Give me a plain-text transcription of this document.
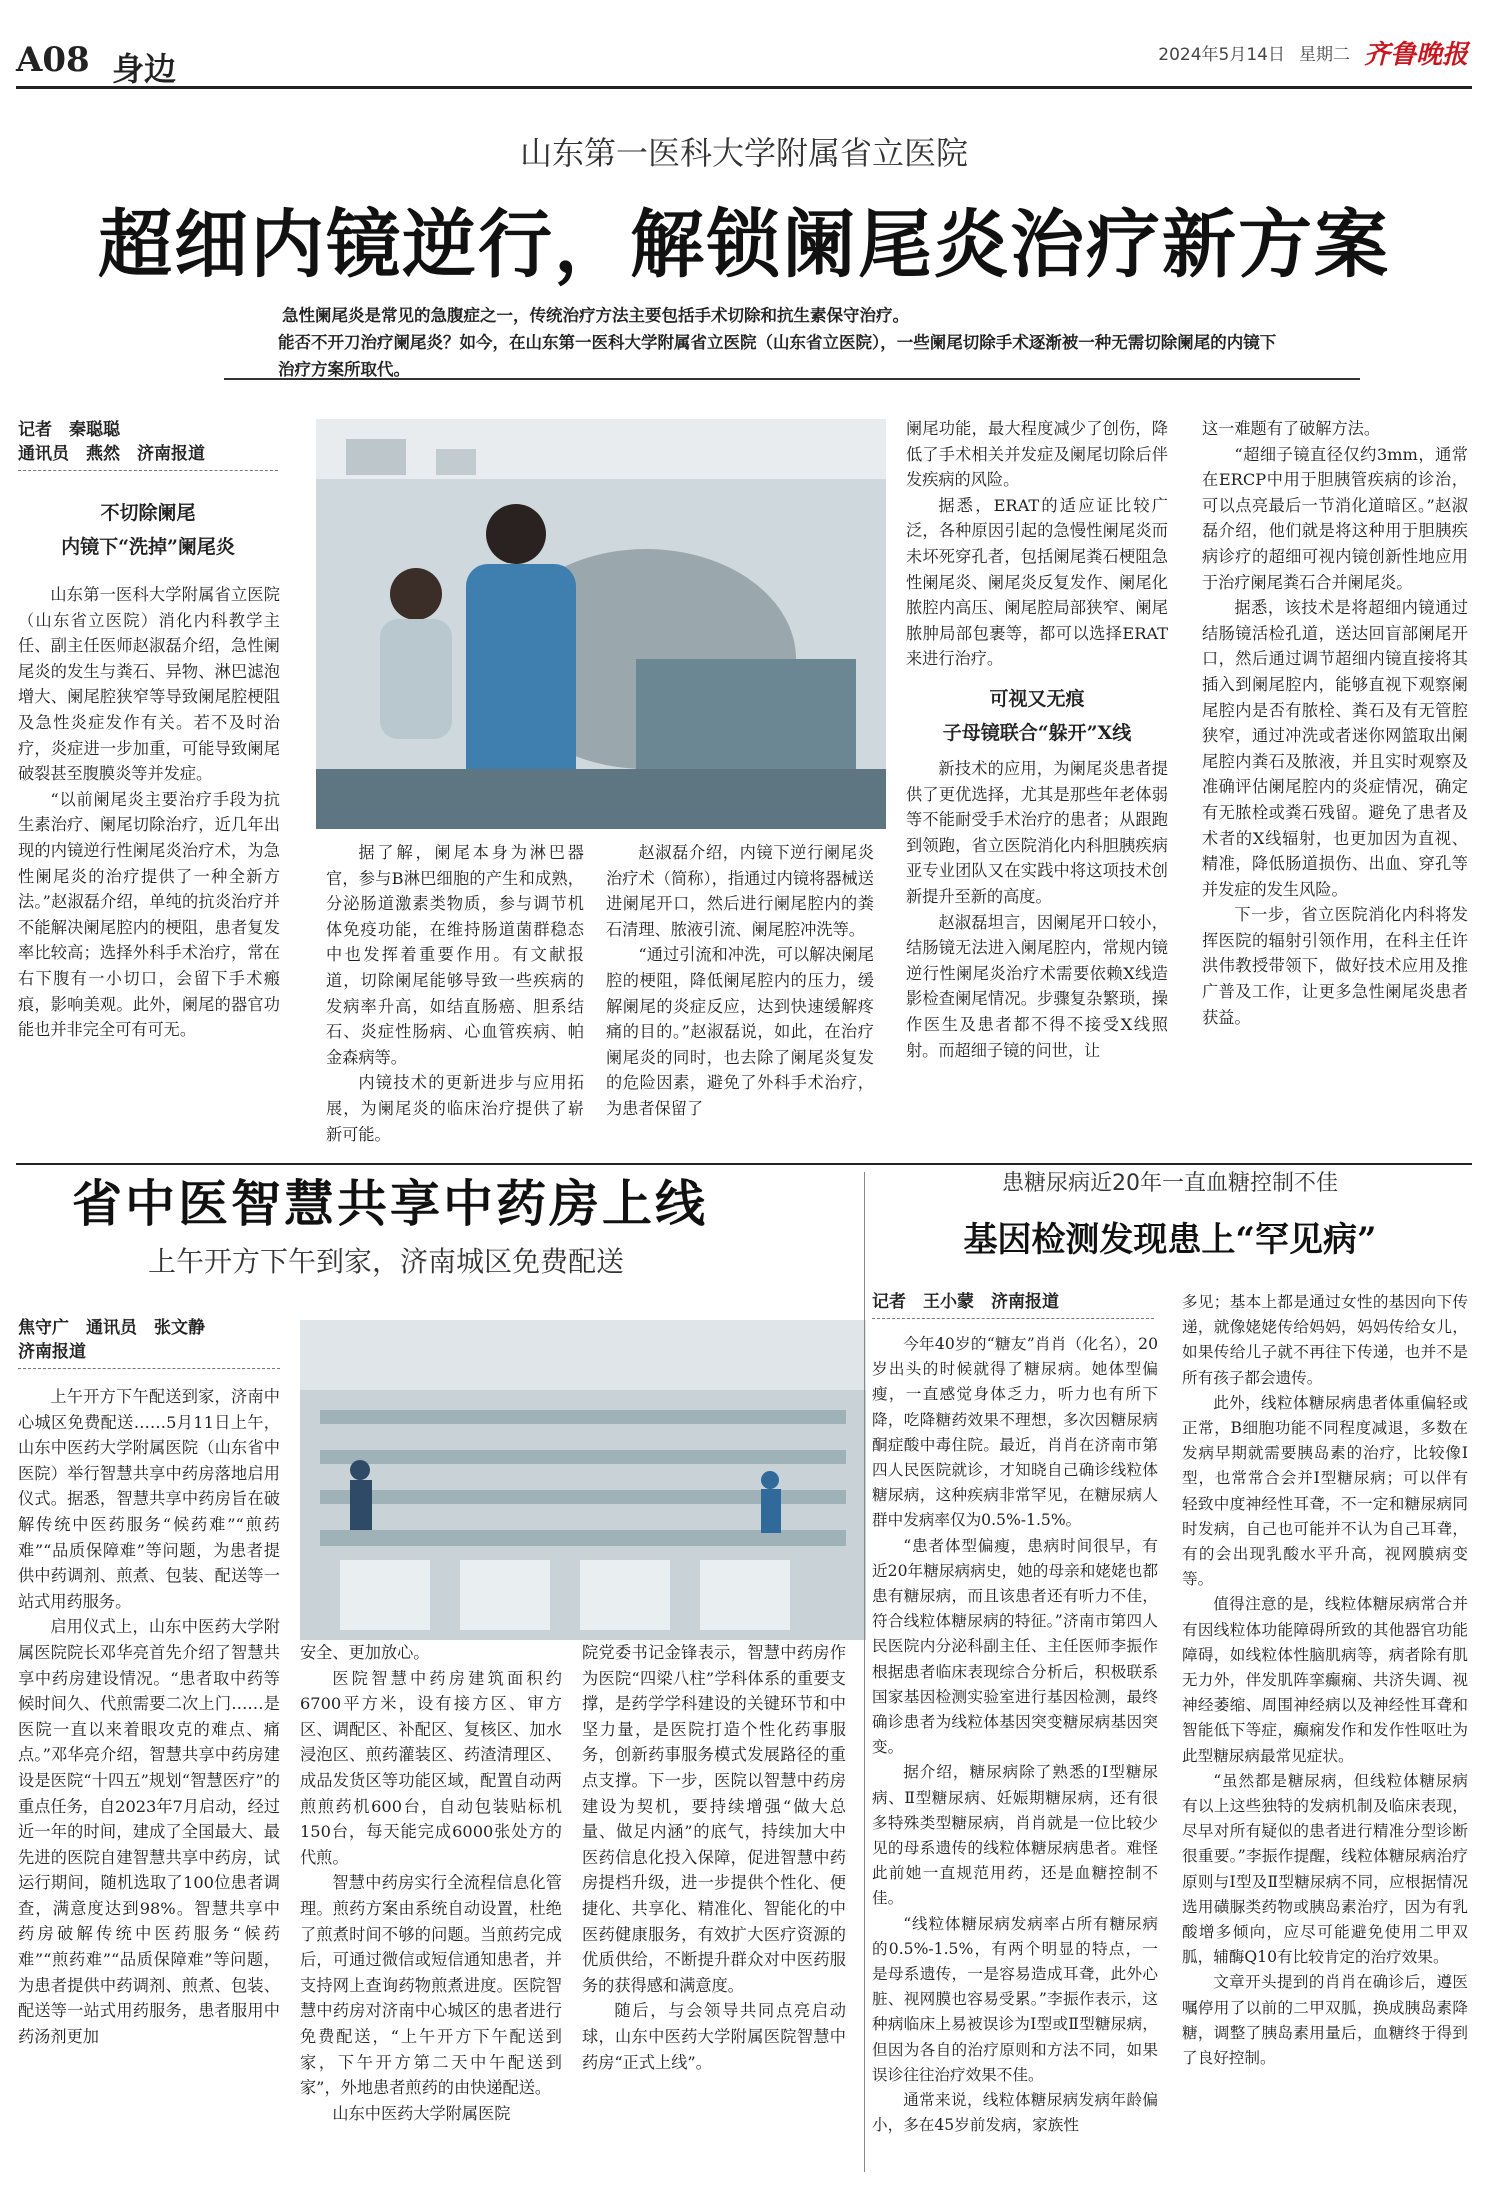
A08 身边	2024年5月14日 星期二 齐鲁晚报
山东第一医科大学附属省立医院
超细内镜逆行，解锁阑尾炎治疗新方案
急性阑尾炎是常见的急腹症之一，传统治疗方法主要包括手术切除和抗生素保守治疗。
能否不开刀治疗阑尾炎？如今，在山东第一医科大学附属省立医院（山东省立医院），一些阑尾切除手术逐渐被一种无需切除阑尾的内镜下治疗方案所取代。
记者　秦聪聪
通讯员　燕然　济南报道
不切除阑尾
内镜下“洗掉”阑尾炎

山东第一医科大学附属省立医院（山东省立医院）消化内科教学主任、副主任医师赵淑磊介绍，急性阑尾炎的发生与粪石、异物、淋巴滤泡增大、阑尾腔狭窄等导致阑尾腔梗阻及急性炎症发作有关。若不及时治疗，炎症进一步加重，可能导致阑尾破裂甚至腹膜炎等并发症。

“以前阑尾炎主要治疗手段为抗生素治疗、阑尾切除治疗，近几年出现的内镜逆行性阑尾炎治疗术，为急性阑尾炎的治疗提供了一种全新方法。”赵淑磊介绍，单纯的抗炎治疗并不能解决阑尾腔内的梗阻，患者复发率比较高；选择外科手术治疗，常在右下腹有一小切口，会留下手术瘢痕，影响美观。此外，阑尾的器官功能也并非完全可有可无。

据了解，阑尾本身为淋巴器官，参与B淋巴细胞的产生和成熟，分泌肠道激素类物质，参与调节机体免疫功能，在维持肠道菌群稳态中也发挥着重要作用。有文献报道，切除阑尾能够导致一些疾病的发病率升高，如结直肠癌、胆系结石、炎症性肠病、心血管疾病、帕金森病等。

内镜技术的更新进步与应用拓展，为阑尾炎的临床治疗提供了崭新可能。

赵淑磊介绍，内镜下逆行阑尾炎治疗术（简称），指通过内镜将器械送进阑尾开口，然后进行阑尾腔内的粪石清理、脓液引流、阑尾腔冲洗等。

“通过引流和冲洗，可以解决阑尾腔的梗阻，降低阑尾腔内的压力，缓解阑尾的炎症反应，达到快速缓解疼痛的目的。”赵淑磊说，如此，在治疗阑尾炎的同时，也去除了阑尾炎复发的危险因素，避免了外科手术治疗，为患者保留了

阑尾功能，最大程度减少了创伤，降低了手术相关并发症及阑尾切除后伴发疾病的风险。

据悉，ERAT的适应证比较广泛，各种原因引起的急慢性阑尾炎而未坏死穿孔者，包括阑尾粪石梗阻急性阑尾炎、阑尾炎反复发作、阑尾化脓腔内高压、阑尾腔局部狭窄、阑尾脓肿局部包裹等，都可以选择ERAT来进行治疗。

可视又无痕
子母镜联合“躲开”X线

新技术的应用，为阑尾炎患者提供了更优选择，尤其是那些年老体弱等不能耐受手术治疗的患者；从跟跑到领跑，省立医院消化内科胆胰疾病亚专业团队又在实践中将这项技术创新提升至新的高度。

赵淑磊坦言，因阑尾开口较小，结肠镜无法进入阑尾腔内，常规内镜逆行性阑尾炎治疗术需要依赖X线造影检查阑尾情况。步骤复杂繁琐，操作医生及患者都不得不接受X线照射。而超细子镜的问世，让

这一难题有了破解方法。

“超细子镜直径仅约3mm，通常在ERCP中用于胆胰管疾病的诊治，可以点亮最后一节消化道暗区。”赵淑磊介绍，他们就是将这种用于胆胰疾病诊疗的超细可视内镜创新性地应用于治疗阑尾粪石合并阑尾炎。

据悉，该技术是将超细内镜通过结肠镜活检孔道，送达回盲部阑尾开口，然后通过调节超细内镜直接将其插入到阑尾腔内，能够直视下观察阑尾腔内是否有脓栓、粪石及有无管腔狭窄，通过冲洗或者迷你网篮取出阑尾腔内粪石及脓液，并且实时观察及准确评估阑尾腔内的炎症情况，确定有无脓栓或粪石残留。避免了患者及术者的X线辐射，也更加因为直视、精准，降低肠道损伤、出血、穿孔等并发症的发生风险。

下一步，省立医院消化内科将发挥医院的辐射引领作用，在科主任许洪伟教授带领下，做好技术应用及推广普及工作，让更多急性阑尾炎患者获益。

省中医智慧共享中药房上线
上午开方下午到家，济南城区免费配送
焦守广　通讯员　张文静
济南报道

上午开方下午配送到家，济南中心城区免费配送……5月11日上午，山东中医药大学附属医院（山东省中医院）举行智慧共享中药房落地启用仪式。据悉，智慧共享中药房旨在破解传统中医药服务“候药难”“煎药难”“品质保障难”等问题，为患者提供中药调剂、煎煮、包装、配送等一站式用药服务。

启用仪式上，山东中医药大学附属医院院长邓华亮首先介绍了智慧共享中药房建设情况。“患者取中药等候时间久、代煎需要二次上门……是医院一直以来着眼攻克的难点、痛点。”邓华亮介绍，智慧共享中药房建设是医院“十四五”规划“智慧医疗”的重点任务，自2023年7月启动，经过近一年的时间，建成了全国最大、最先进的医院自建智慧共享中药房，试运行期间，随机选取了100位患者调查，满意度达到98%。智慧共享中药房破解传统中医药服务“候药难”“煎药难”“品质保障难”等问题，为患者提供中药调剂、煎煮、包装、配送等一站式用药服务，患者服用中药汤剂更加

安全、更加放心。

医院智慧中药房建筑面积约6700平方米，设有接方区、审方区、调配区、补配区、复核区、加水浸泡区、煎药灌装区、药渣清理区、成品发货区等功能区域，配置自动两煎煎药机600台，自动包装贴标机150台，每天能完成6000张处方的代煎。

智慧中药房实行全流程信息化管理。煎药方案由系统自动设置，杜绝了煎煮时间不够的问题。当煎药完成后，可通过微信或短信通知患者，并支持网上查询药物煎煮进度。医院智慧中药房对济南中心城区的患者进行免费配送，“上午开方下午配送到家，下午开方第二天中午配送到家”，外地患者煎药的由快递配送。

山东中医药大学附属医院

院党委书记金锋表示，智慧中药房作为医院“四梁八柱”学科体系的重要支撑，是药学学科建设的关键环节和中坚力量，是医院打造个性化药事服务，创新药事服务模式发展路径的重点支撑。下一步，医院以智慧中药房建设为契机，要持续增强“做大总量、做足内涵”的底气，持续加大中医药信息化投入保障，促进智慧中药房提档升级，进一步提供个性化、便捷化、共享化、精准化、智能化的中医药健康服务，有效扩大医疗资源的优质供给，不断提升群众对中医药服务的获得感和满意度。

随后，与会领导共同点亮启动球，山东中医药大学附属医院智慧中药房“正式上线”。

患糖尿病近20年一直血糖控制不佳
基因检测发现患上“罕见病”
记者　王小蒙　济南报道

今年40岁的“糖友”肖肖（化名），20岁出头的时候就得了糖尿病。她体型偏瘦，一直感觉身体乏力，听力也有所下降，吃降糖药效果不理想，多次因糖尿病酮症酸中毒住院。最近，肖肖在济南市第四人民医院就诊，才知晓自己确诊线粒体糖尿病，这种疾病非常罕见，在糖尿病人群中发病率仅为0.5%-1.5%。

“患者体型偏瘦，患病时间很早，有近20年糖尿病病史，她的母亲和姥姥也都患有糖尿病，而且该患者还有听力不佳，符合线粒体糖尿病的特征。”济南市第四人民医院内分泌科副主任、主任医师李振作根据患者临床表现综合分析后，积极联系国家基因检测实验室进行基因检测，最终确诊患者为线粒体基因突变糖尿病基因突变。

据介绍，糖尿病除了熟悉的Ⅰ型糖尿病、Ⅱ型糖尿病、妊娠期糖尿病，还有很多特殊类型糖尿病，肖肖就是一位比较少见的母系遗传的线粒体糖尿病患者。难怪此前她一直规范用药，还是血糖控制不佳。

“线粒体糖尿病发病率占所有糖尿病的0.5%-1.5%，有两个明显的特点，一是母系遗传，一是容易造成耳聋，此外心脏、视网膜也容易受累。”李振作表示，这种病临床上易被误诊为Ⅰ型或Ⅱ型糖尿病，但因为各自的治疗原则和方法不同，如果误诊往往治疗效果不佳。

通常来说，线粒体糖尿病发病年龄偏小，多在45岁前发病，家族性

多见；基本上都是通过女性的基因向下传递，就像姥姥传给妈妈，妈妈传给女儿，如果传给儿子就不再往下传递，也并不是所有孩子都会遗传。

此外，线粒体糖尿病患者体重偏轻或正常，B细胞功能不同程度减退，多数在发病早期就需要胰岛素的治疗，比较像Ⅰ型，也常常合会并Ⅰ型糖尿病；可以伴有轻致中度神经性耳聋，不一定和糖尿病同时发病，自己也可能并不认为自己耳聋，有的会出现乳酸水平升高，视网膜病变等。

值得注意的是，线粒体糖尿病常合并有因线粒体功能障碍所致的其他器官功能障碍，如线粒体性脑肌病等，病者除有肌无力外，伴发肌阵挛癫痫、共济失调、视神经萎缩、周围神经病以及神经性耳聋和智能低下等症，癫痫发作和发作性呕吐为此型糖尿病最常见症状。

“虽然都是糖尿病，但线粒体糖尿病有以上这些独特的发病机制及临床表现，尽早对所有疑似的患者进行精准分型诊断很重要。”李振作提醒，线粒体糖尿病治疗原则与Ⅰ型及Ⅱ型糖尿病不同，应根据情况选用磺脲类药物或胰岛素治疗，因为有乳酸增多倾向，应尽可能避免使用二甲双胍，辅酶Q10有比较肯定的治疗效果。

文章开头提到的肖肖在确诊后，遵医嘱停用了以前的二甲双胍，换成胰岛素降糖，调整了胰岛素用量后，血糖终于得到了良好控制。
